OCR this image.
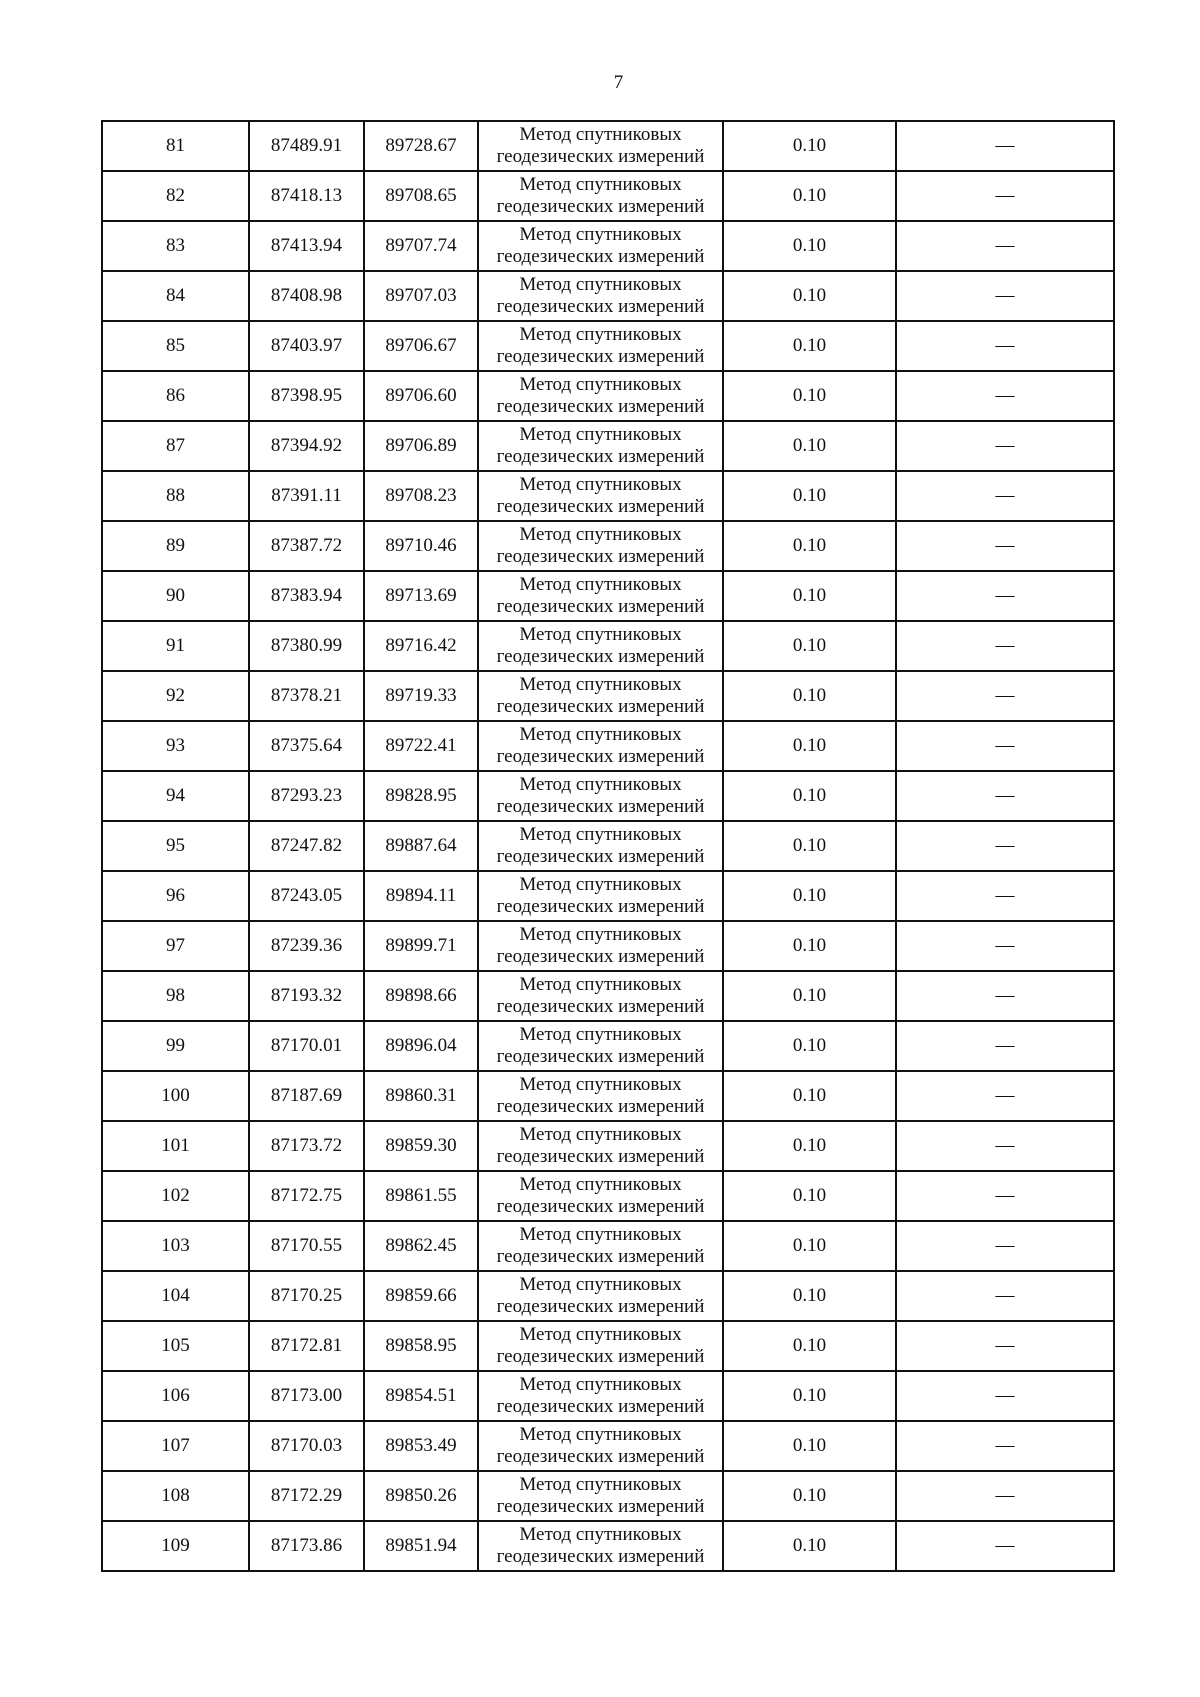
7
81	87489.91	89728.67	Метод спутниковых
геодезических измерений	0.10	—
82	87418.13	89708.65	Метод спутниковых
геодезических измерений	0.10	—
83	87413.94	89707.74	Метод спутниковых
геодезических измерений	0.10	—
84	87408.98	89707.03	Метод спутниковых
геодезических измерений	0.10	—
85	87403.97	89706.67	Метод спутниковых
геодезических измерений	0.10	—
86	87398.95	89706.60	Метод спутниковых
геодезических измерений	0.10	—
87	87394.92	89706.89	Метод спутниковых
геодезических измерений	0.10	—
88	87391.11	89708.23	Метод спутниковых
геодезических измерений	0.10	—
89	87387.72	89710.46	Метод спутниковых
геодезических измерений	0.10	—
90	87383.94	89713.69	Метод спутниковых
геодезических измерений	0.10	—
91	87380.99	89716.42	Метод спутниковых
геодезических измерений	0.10	—
92	87378.21	89719.33	Метод спутниковых
геодезических измерений	0.10	—
93	87375.64	89722.41	Метод спутниковых
геодезических измерений	0.10	—
94	87293.23	89828.95	Метод спутниковых
геодезических измерений	0.10	—
95	87247.82	89887.64	Метод спутниковых
геодезических измерений	0.10	—
96	87243.05	89894.11	Метод спутниковых
геодезических измерений	0.10	—
97	87239.36	89899.71	Метод спутниковых
геодезических измерений	0.10	—
98	87193.32	89898.66	Метод спутниковых
геодезических измерений	0.10	—
99	87170.01	89896.04	Метод спутниковых
геодезических измерений	0.10	—
100	87187.69	89860.31	Метод спутниковых
геодезических измерений	0.10	—
101	87173.72	89859.30	Метод спутниковых
геодезических измерений	0.10	—
102	87172.75	89861.55	Метод спутниковых
геодезических измерений	0.10	—
103	87170.55	89862.45	Метод спутниковых
геодезических измерений	0.10	—
104	87170.25	89859.66	Метод спутниковых
геодезических измерений	0.10	—
105	87172.81	89858.95	Метод спутниковых
геодезических измерений	0.10	—
106	87173.00	89854.51	Метод спутниковых
геодезических измерений	0.10	—
107	87170.03	89853.49	Метод спутниковых
геодезических измерений	0.10	—
108	87172.29	89850.26	Метод спутниковых
геодезических измерений	0.10	—
109	87173.86	89851.94	Метод спутниковых
геодезических измерений	0.10	—
